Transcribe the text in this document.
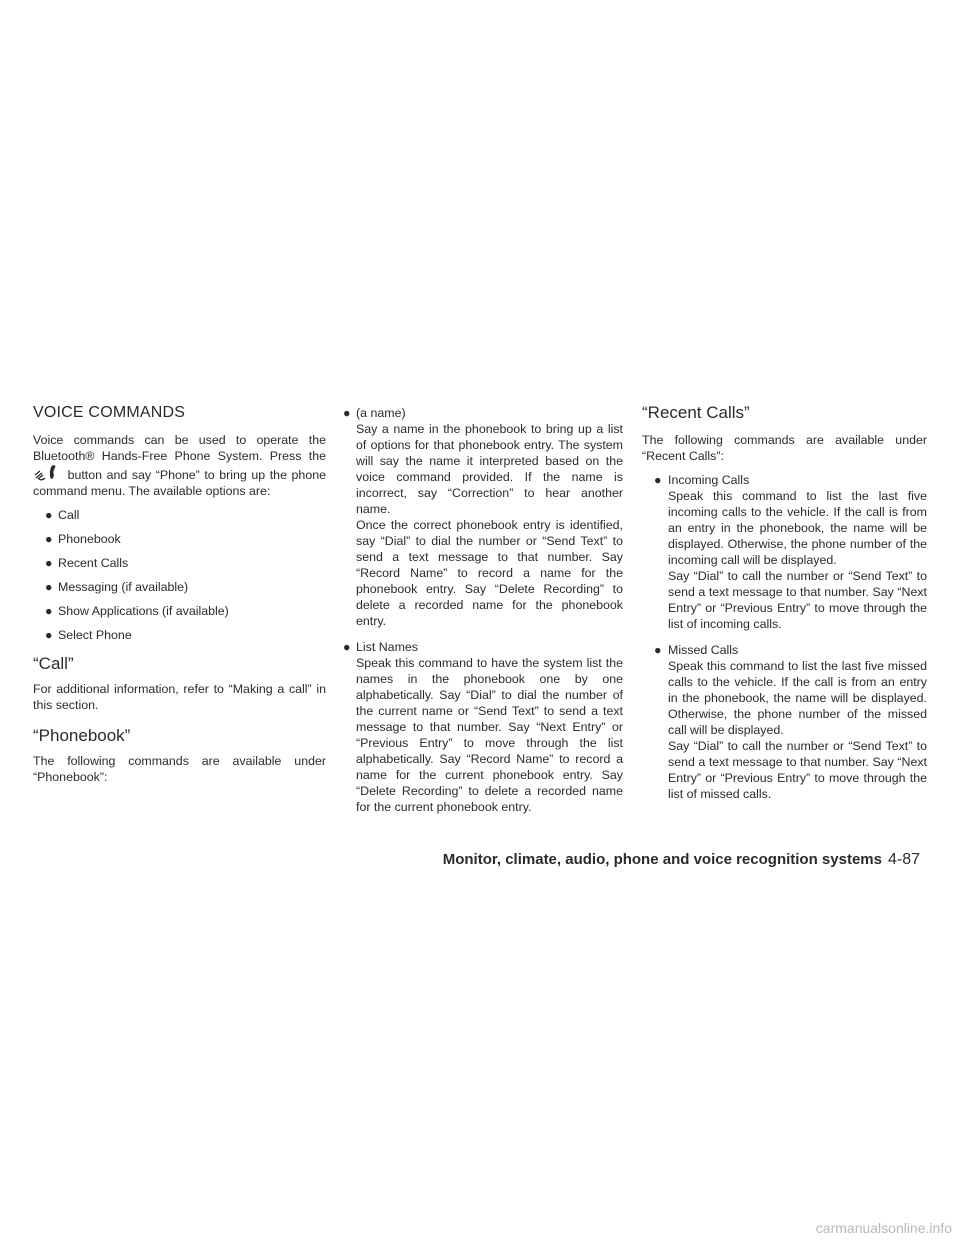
VOICE COMMANDS

Voice commands can be used to operate the Bluetooth® Hands-Free Phone System. Press the  button and say “Phone” to bring up the phone command menu. The available options are:

● Call
● Phonebook
● Recent Calls
● Messaging (if available)
● Show Applications (if available)
● Select Phone
“Call”

For additional information, refer to “Making a call” in this section.

“Phonebook”

The following commands are available under “Phonebook”:

● (a name)
Say a name in the phonebook to bring up a list of options for that phonebook entry. The system will say the name it interpreted based on the voice command provided. If the name is incorrect, say “Correction” to hear another name.
Once the correct phonebook entry is identified, say “Dial” to dial the number or “Send Text” to send a text message to that number. Say “Record Name” to record a name for the phonebook entry. Say “Delete Recording” to delete a recorded name for the phonebook entry.
● List Names
Speak this command to have the system list the names in the phonebook one by one alphabetically. Say “Dial” to dial the number of the current name or “Send Text” to send a text message to that number. Say “Next Entry” or “Previous Entry” to move through the list alphabetically. Say “Record Name” to record a name for the current phonebook entry. Say “Delete Recording” to delete a recorded name for the current phonebook entry.
“Recent Calls”

The following commands are available under “Recent Calls”:

● Incoming Calls
Speak this command to list the last five incoming calls to the vehicle. If the call is from an entry in the phonebook, the name will be displayed. Otherwise, the phone number of the incoming call will be displayed.
Say “Dial” to call the number or “Send Text” to send a text message to that number. Say “Next Entry” or “Previous Entry” to move through the list of incoming calls.
● Missed Calls
Speak this command to list the last five missed calls to the vehicle. If the call is from an entry in the phonebook, the name will be displayed. Otherwise, the phone number of the missed call will be displayed.
Say “Dial” to call the number or “Send Text” to send a text message to that number. Say “Next Entry” or “Previous Entry” to move through the list of missed calls.
Monitor, climate, audio, phone and voice recognition systems 4-87
carmanualsonline.info
